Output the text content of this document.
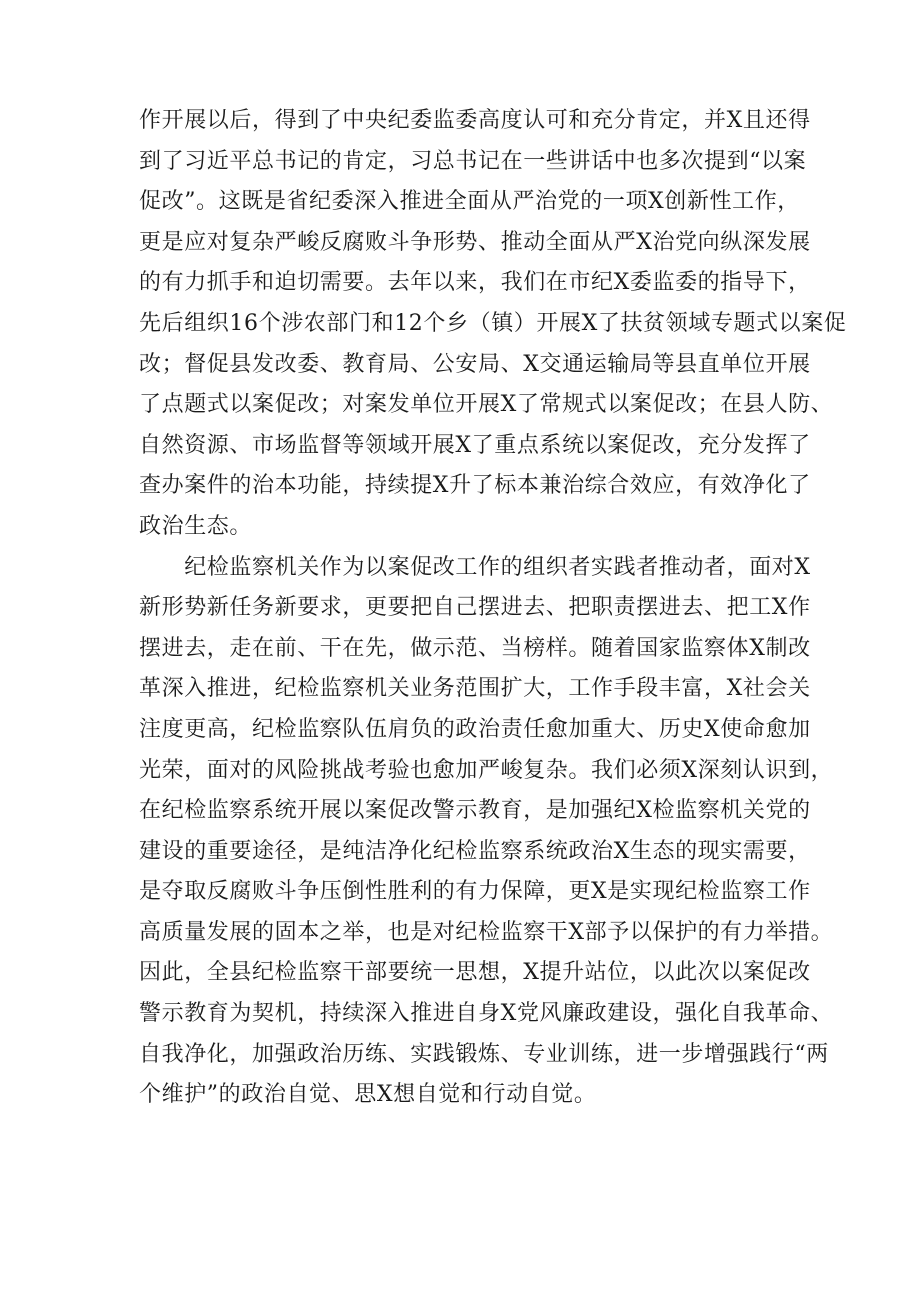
作开展以后，得到了中央纪委监委高度认可和充分肯定，并X且还得
到了习近平总书记的肯定，习总书记在一些讲话中也多次提到“以案
促改”。这既是省纪委深入推进全面从严治党的一项X创新性工作，
更是应对复杂严峻反腐败斗争形势、推动全面从严X治党向纵深发展
的有力抓手和迫切需要。去年以来，我们在市纪X委监委的指导下，
先后组织16个涉农部门和12个乡（镇）开展X了扶贫领域专题式以案促
改；督促县发改委、教育局、公安局、X交通运输局等县直单位开展
了点题式以案促改；对案发单位开展X了常规式以案促改；在县人防、
自然资源、市场监督等领域开展X了重点系统以案促改，充分发挥了
查办案件的治本功能，持续提X升了标本兼治综合效应，有效净化了
政治生态。
　　纪检监察机关作为以案促改工作的组织者实践者推动者，面对X
新形势新任务新要求，更要把自己摆进去、把职责摆进去、把工X作
摆进去，走在前、干在先，做示范、当榜样。随着国家监察体X制改
革深入推进，纪检监察机关业务范围扩大，工作手段丰富，X社会关
注度更高，纪检监察队伍肩负的政治责任愈加重大、历史X使命愈加
光荣，面对的风险挑战考验也愈加严峻复杂。我们必须X深刻认识到，
在纪检监察系统开展以案促改警示教育，是加强纪X检监察机关党的
建设的重要途径，是纯洁净化纪检监察系统政治X生态的现实需要，
是夺取反腐败斗争压倒性胜利的有力保障，更X是实现纪检监察工作
高质量发展的固本之举，也是对纪检监察干X部予以保护的有力举措。
因此，全县纪检监察干部要统一思想，X提升站位，以此次以案促改
警示教育为契机，持续深入推进自身X党风廉政建设，强化自我革命、
自我净化，加强政治历练、实践锻炼、专业训练，进一步增强践行“两
个维护”的政治自觉、思X想自觉和行动自觉。
